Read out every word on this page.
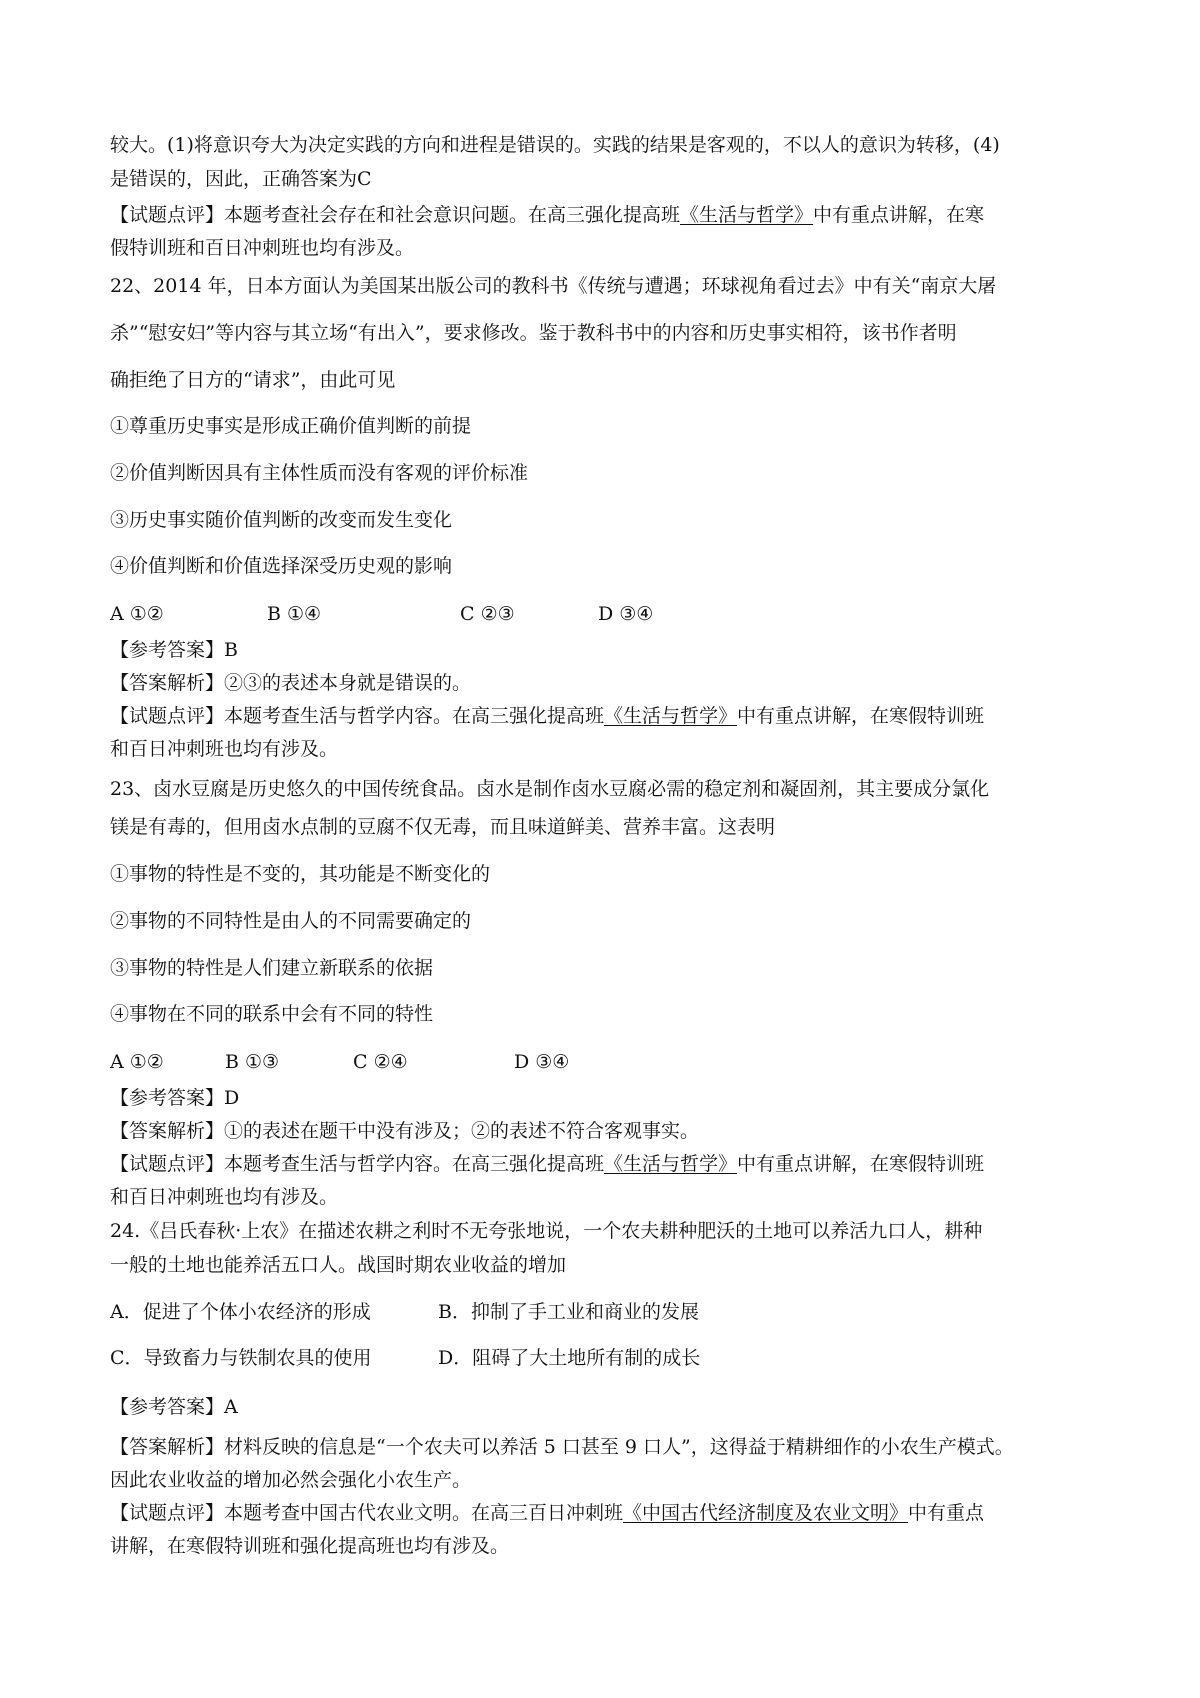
较大。(1)将意识夸大为决定实践的方向和进程是错误的。实践的结果是客观的，不以人的意识为转移，(4)
是错误的，因此，正确答案为C
【试题点评】本题考查社会存在和社会意识问题。在高三强化提高班《生活与哲学》中有重点讲解，在寒
假特训班和百日冲刺班也均有涉及。
22、2014 年，日本方面认为美国某出版公司的教科书《传统与遭遇；环球视角看过去》中有关“南京大屠
杀”“慰安妇”等内容与其立场“有出入”，要求修改。鉴于教科书中的内容和历史事实相符，该书作者明
确拒绝了日方的“请求”，由此可见
①尊重历史事实是形成正确价值判断的前提
②价值判断因具有主体性质而没有客观的评价标准
③历史事实随价值判断的改变而发生变化
④价值判断和价值选择深受历史观的影响
A ①②	B ①④	C ②③	D ③④
【参考答案】B
【答案解析】②③的表述本身就是错误的。
【试题点评】本题考查生活与哲学内容。在高三强化提高班《生活与哲学》中有重点讲解，在寒假特训班
和百日冲刺班也均有涉及。
23、卤水豆腐是历史悠久的中国传统食品。卤水是制作卤水豆腐必需的稳定剂和凝固剂，其主要成分氯化
镁是有毒的，但用卤水点制的豆腐不仅无毒，而且味道鲜美、营养丰富。这表明
①事物的特性是不变的，其功能是不断变化的
②事物的不同特性是由人的不同需要确定的
③事物的特性是人们建立新联系的依据
④事物在不同的联系中会有不同的特性
A ①②	B ①③	C ②④	D ③④
【参考答案】D
【答案解析】①的表述在题干中没有涉及；②的表述不符合客观事实。
【试题点评】本题考查生活与哲学内容。在高三强化提高班《生活与哲学》中有重点讲解，在寒假特训班
和百日冲刺班也均有涉及。
24.《吕氏春秋·上农》在描述农耕之利时不无夸张地说，一个农夫耕种肥沃的土地可以养活九口人，耕种
一般的土地也能养活五口人。战国时期农业收益的增加
A．促进了个体小农经济的形成	B．抑制了手工业和商业的发展
C．导致畜力与铁制农具的使用	D．阻碍了大土地所有制的成长
【参考答案】A
【答案解析】材料反映的信息是“一个农夫可以养活 5 口甚至 9 口人”，这得益于精耕细作的小农生产模式。
因此农业收益的增加必然会强化小农生产。
【试题点评】本题考查中国古代农业文明。在高三百日冲刺班《中国古代经济制度及农业文明》中有重点
讲解，在寒假特训班和强化提高班也均有涉及。
